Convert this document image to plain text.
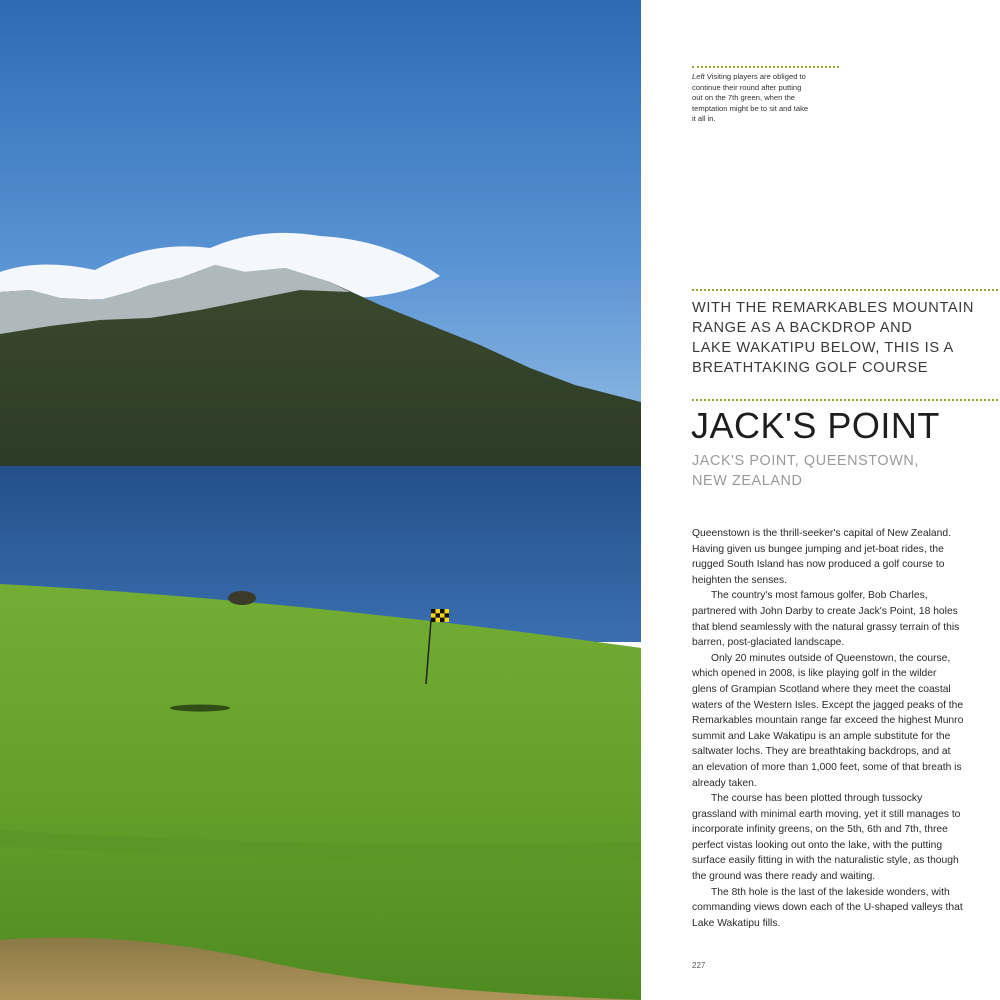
Left Visiting players are obliged to
continue their round after putting
out on the 7th green, when the
temptation might be to sit and take
it all in.
WITH THE REMARKABLES MOUNTAIN
RANGE AS A BACKDROP AND
LAKE WAKATIPU BELOW, THIS IS A
BREATHTAKING GOLF COURSE
JACK'S POINT
JACK'S POINT, QUEENSTOWN,
NEW ZEALAND
Queenstown is the thrill-seeker's capital of New Zealand.
Having given us bungee jumping and jet-boat rides, the
rugged South Island has now produced a golf course to
heighten the senses.
The country's most famous golfer, Bob Charles,
partnered with John Darby to create Jack's Point, 18 holes
that blend seamlessly with the natural grassy terrain of this
barren, post-glaciated landscape.
Only 20 minutes outside of Queenstown, the course,
which opened in 2008, is like playing golf in the wilder
glens of Grampian Scotland where they meet the coastal
waters of the Western Isles. Except the jagged peaks of the
Remarkables mountain range far exceed the highest Munro
summit and Lake Wakatipu is an ample substitute for the
saltwater lochs. They are breathtaking backdrops, and at
an elevation of more than 1,000 feet, some of that breath is
already taken.
The course has been plotted through tussocky
grassland with minimal earth moving, yet it still manages to
incorporate infinity greens, on the 5th, 6th and 7th, three
perfect vistas looking out onto the lake, with the putting
surface easily fitting in with the naturalistic style, as though
the ground was there ready and waiting.
The 8th hole is the last of the lakeside wonders, with
commanding views down each of the U-shaped valleys that
Lake Wakatipu fills.
227
